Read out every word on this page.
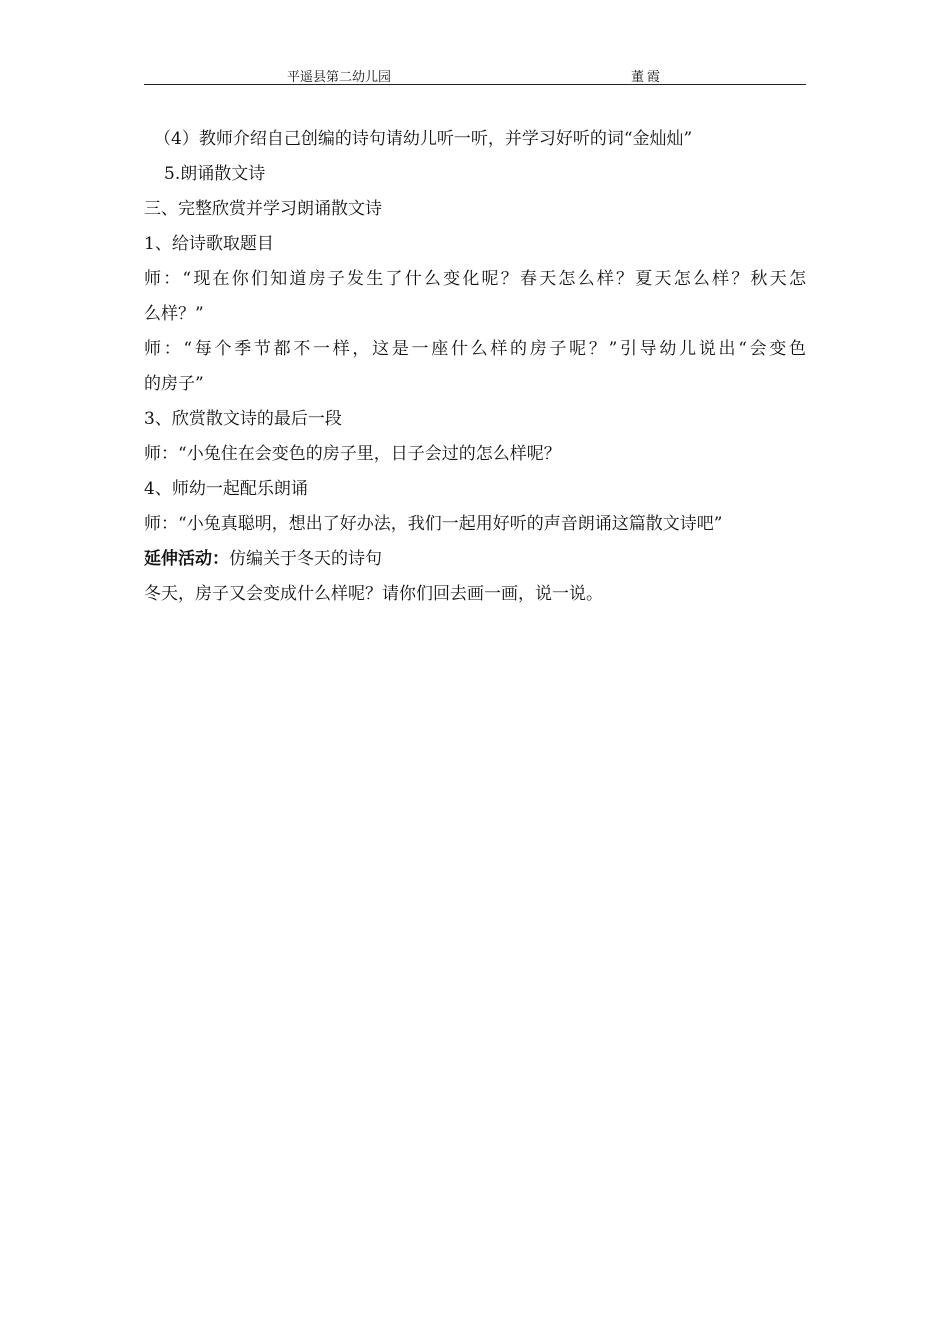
平遥县第二幼儿园	董霞
（4）教师介绍自己创编的诗句请幼儿听一听，并学习好听的词“金灿灿”
5.朗诵散文诗
三、完整欣赏并学习朗诵散文诗
1、给诗歌取题目
师：“现在你们知道房子发生了什么变化呢？春天怎么样？夏天怎么样？秋天怎
么样？”
师：“每个季节都不一样，这是一座什么样的房子呢？”引导幼儿说出“会变色
的房子”
3、欣赏散文诗的最后一段
师：“小兔住在会变色的房子里，日子会过的怎么样呢？
4、师幼一起配乐朗诵
师：“小兔真聪明，想出了好办法，我们一起用好听的声音朗诵这篇散文诗吧”
延伸活动：仿编关于冬天的诗句
冬天，房子又会变成什么样呢？请你们回去画一画，说一说。
